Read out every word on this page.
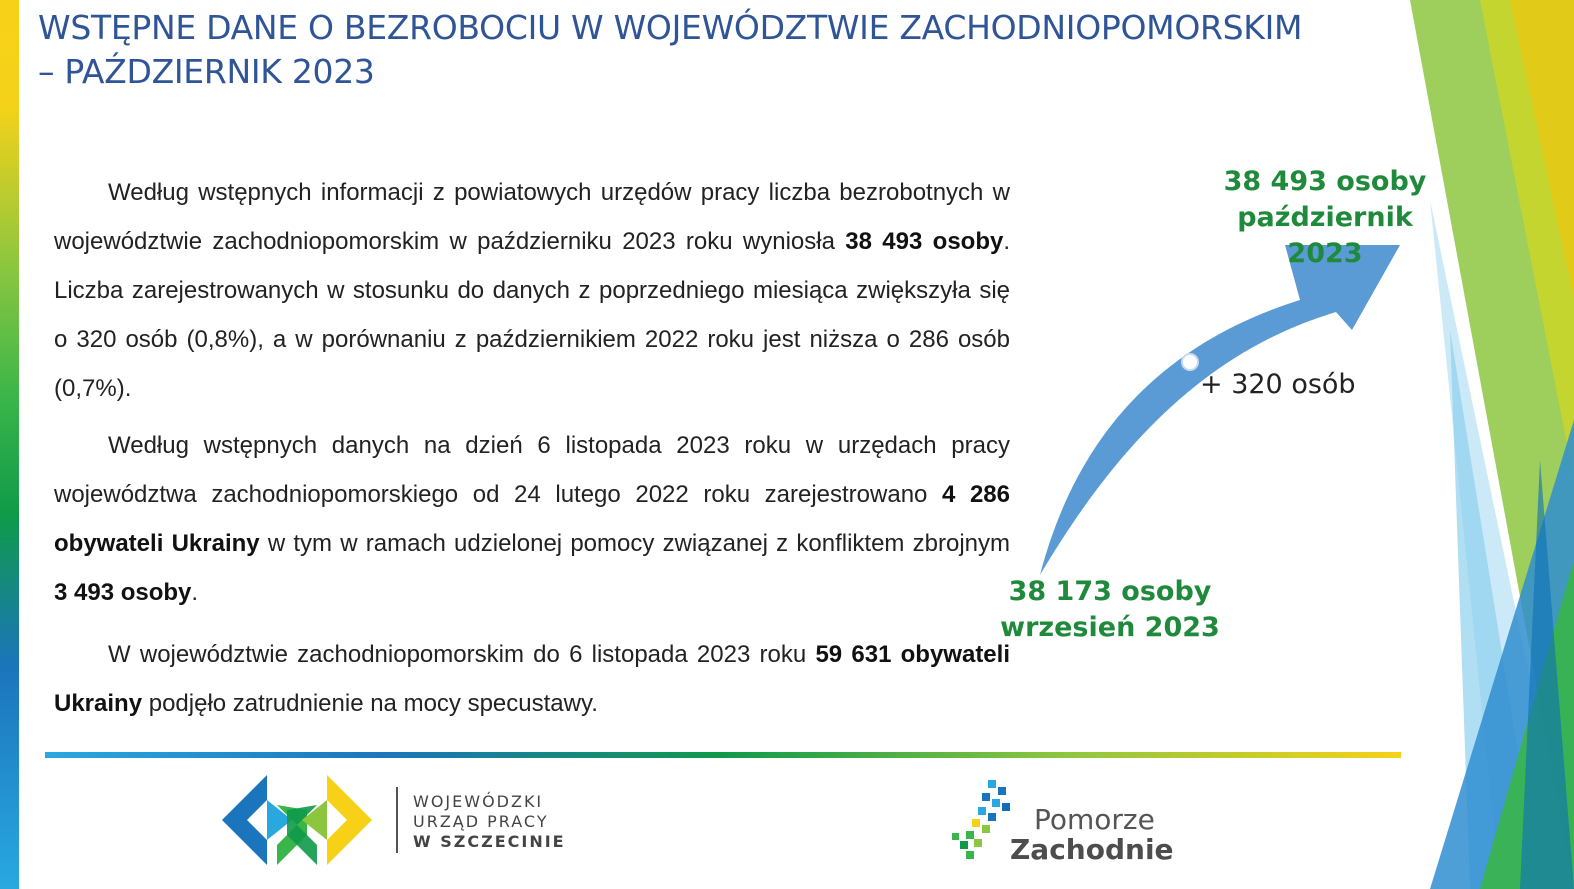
WSTĘPNE DANE O BEZROBOCIU W WOJEWÓDZTWIE ZACHODNIOPOMORSKIM
– PAŹDZIERNIK 2023
Według wstępnych informacji z powiatowych urzędów pracy liczba bezrobotnych w województwie zachodniopomorskim w październiku 2023 roku wyniosła 38 493 osoby. Liczba zarejestrowanych w stosunku do danych z poprzedniego miesiąca zwiększyła się o 320 osób (0,8%), a w porównaniu z październikiem 2022 roku jest niższa o 286 osób (0,7%).
Według wstępnych danych na dzień 6 listopada 2023 roku w urzędach pracy województwa zachodniopomorskiego od 24 lutego 2022 roku zarejestrowano 4 286 obywateli Ukrainy w tym w ramach udzielonej pomocy związanej z konfliktem zbrojnym 3 493 osoby.
W województwie zachodniopomorskim do 6 listopada 2023 roku 59 631 obywateli Ukrainy podjęło zatrudnienie na mocy specustawy.
38 493 osoby
październik 2023
38 173 osoby
wrzesień 2023
+ 320 osób
WOJEWÓDZKI
URZĄD PRACY
W SZCZECINIE
Pomorze
Zachodnie
